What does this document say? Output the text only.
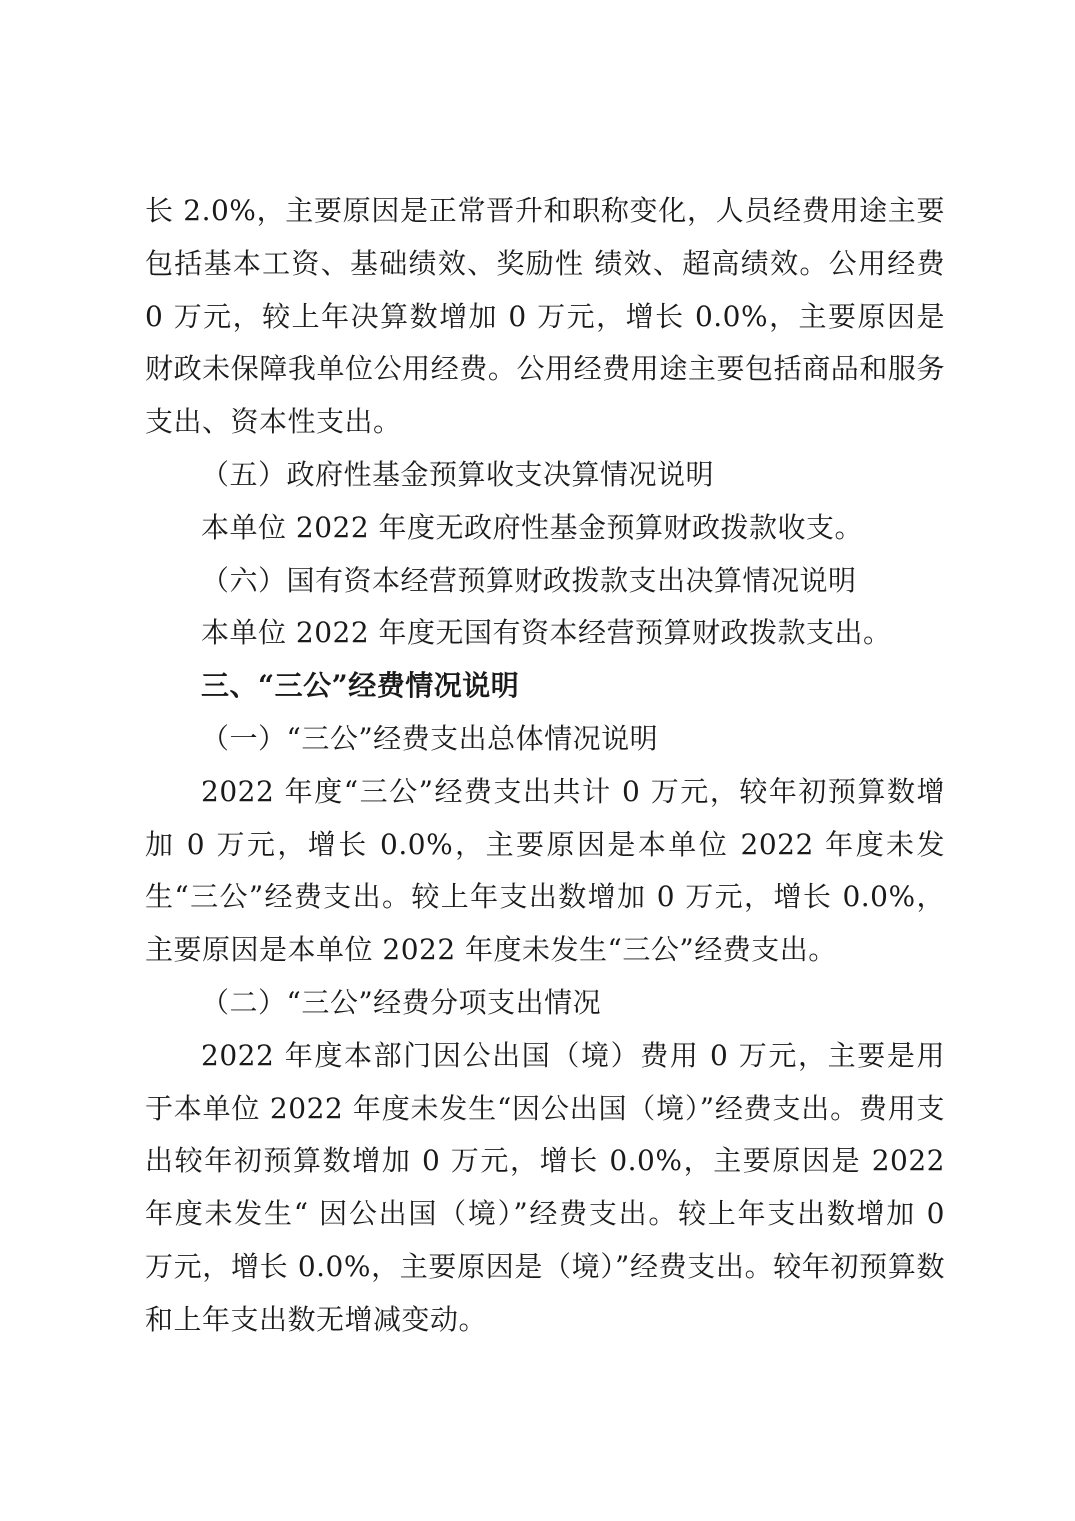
长 2.0%，主要原因是正常晋升和职称变化，人员经费用途主要包括基本工资、基础绩效、奖励性 绩效、超高绩效。公用经费 0 万元，较上年决算数增加 0 万元，增长 0.0%，主要原因是财政未保障我单位公用经费。公用经费用途主要包括商品和服务支出、资本性支出。

（五）政府性基金预算收支决算情况说明

本单位 2022 年度无政府性基金预算财政拨款收支。

（六）国有资本经营预算财政拨款支出决算情况说明

本单位 2022 年度无国有资本经营预算财政拨款支出。

三、“三公”经费情况说明

（一）“三公”经费支出总体情况说明

2022 年度“三公”经费支出共计 0 万元，较年初预算数增加 0 万元，增长 0.0%，主要原因是本单位 2022 年度未发生“三公”经费支出。较上年支出数增加 0 万元，增长 0.0%，主要原因是本单位 2022 年度未发生“三公”经费支出。

（二）“三公”经费分项支出情况

2022 年度本部门因公出国（境）费用 0 万元，主要是用于本单位 2022 年度未发生“因公出国（境）”经费支出。费用支出较年初预算数增加 0 万元，增长 0.0%，主要原因是 2022 年度未发生“ 因公出国（境）”经费支出。较上年支出数增加 0 万元，增长 0.0%，主要原因是（境）”经费支出。较年初预算数和上年支出数无增减变动。
